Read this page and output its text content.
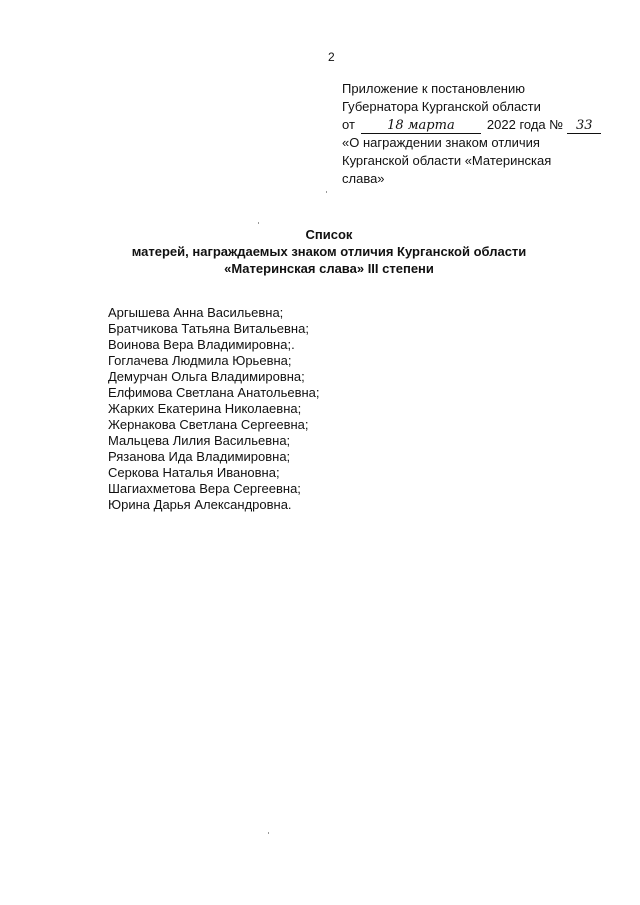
2
Приложение к постановлению
Губернатора Курганской области
от 18 марта 2022 года № 33
«О награждении знаком отличия
Курганской области «Материнская
слава»
Список
матерей, награждаемых знаком отличия Курганской области
«Материнская слава» III степени
Аргышева Анна Васильевна;
Братчикова Татьяна Витальевна;
Воинова Вера Владимировна;.
Гоглачева Людмила Юрьевна;
Демурчан Ольга Владимировна;
Елфимова Светлана Анатольевна;
Жарких Екатерина Николаевна;
Жернакова Светлана Сергеевна;
Мальцева Лилия Васильевна;
Рязанова Ида Владимировна;
Серкова Наталья Ивановна;
Шагиахметова Вера Сергеевна;
Юрина Дарья Александровна.
